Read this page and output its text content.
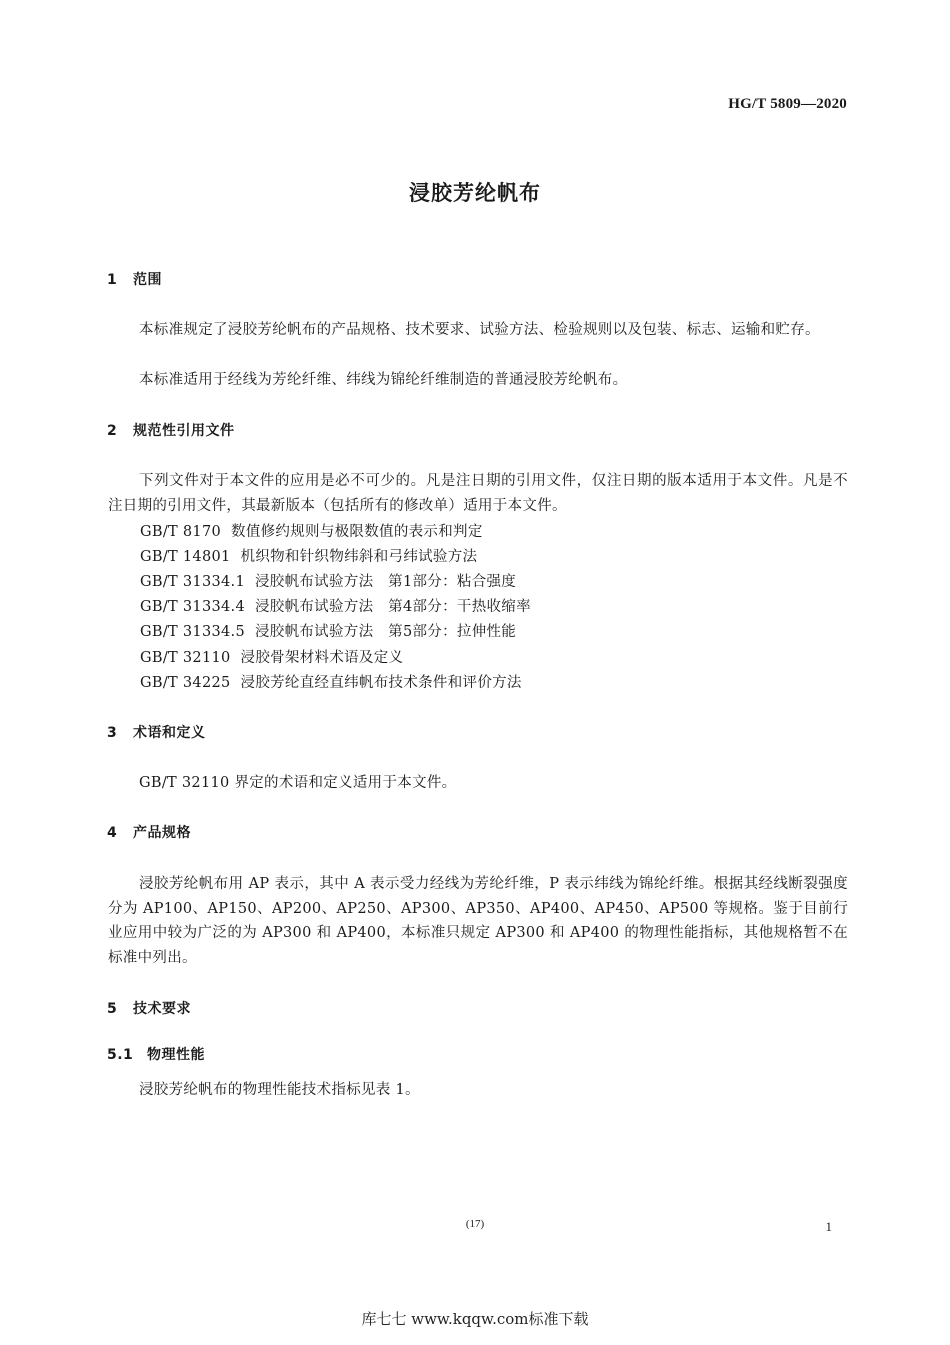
HG/T 5809—2020
浸胶芳纶帆布
1 范围
本标准规定了浸胶芳纶帆布的产品规格、技术要求、试验方法、检验规则以及包装、标志、运输和贮存。
本标准适用于经线为芳纶纤维、纬线为锦纶纤维制造的普通浸胶芳纶帆布。
2 规范性引用文件
下列文件对于本文件的应用是必不可少的。凡是注日期的引用文件，仅注日期的版本适用于本文件。凡是不注日期的引用文件，其最新版本（包括所有的修改单）适用于本文件。
GB/T 8170 数值修约规则与极限数值的表示和判定
GB/T 14801 机织物和针织物纬斜和弓纬试验方法
GB/T 31334.1 浸胶帆布试验方法　第1部分：粘合强度
GB/T 31334.4 浸胶帆布试验方法　第4部分：干热收缩率
GB/T 31334.5 浸胶帆布试验方法　第5部分：拉伸性能
GB/T 32110 浸胶骨架材料术语及定义
GB/T 34225 浸胶芳纶直经直纬帆布技术条件和评价方法
3 术语和定义
GB/T 32110 界定的术语和定义适用于本文件。
4 产品规格
浸胶芳纶帆布用 AP 表示，其中 A 表示受力经线为芳纶纤维，P 表示纬线为锦纶纤维。根据其经线断裂强度分为 AP100、AP150、AP200、AP250、AP300、AP350、AP400、AP450、AP500 等规格。鉴于目前行业应用中较为广泛的为 AP300 和 AP400，本标准只规定 AP300 和 AP400 的物理性能指标，其他规格暂不在标准中列出。
5 技术要求
5.1 物理性能
浸胶芳纶帆布的物理性能技术指标见表 1。
(17)	1
库七七 www.kqqw.com标准下载
